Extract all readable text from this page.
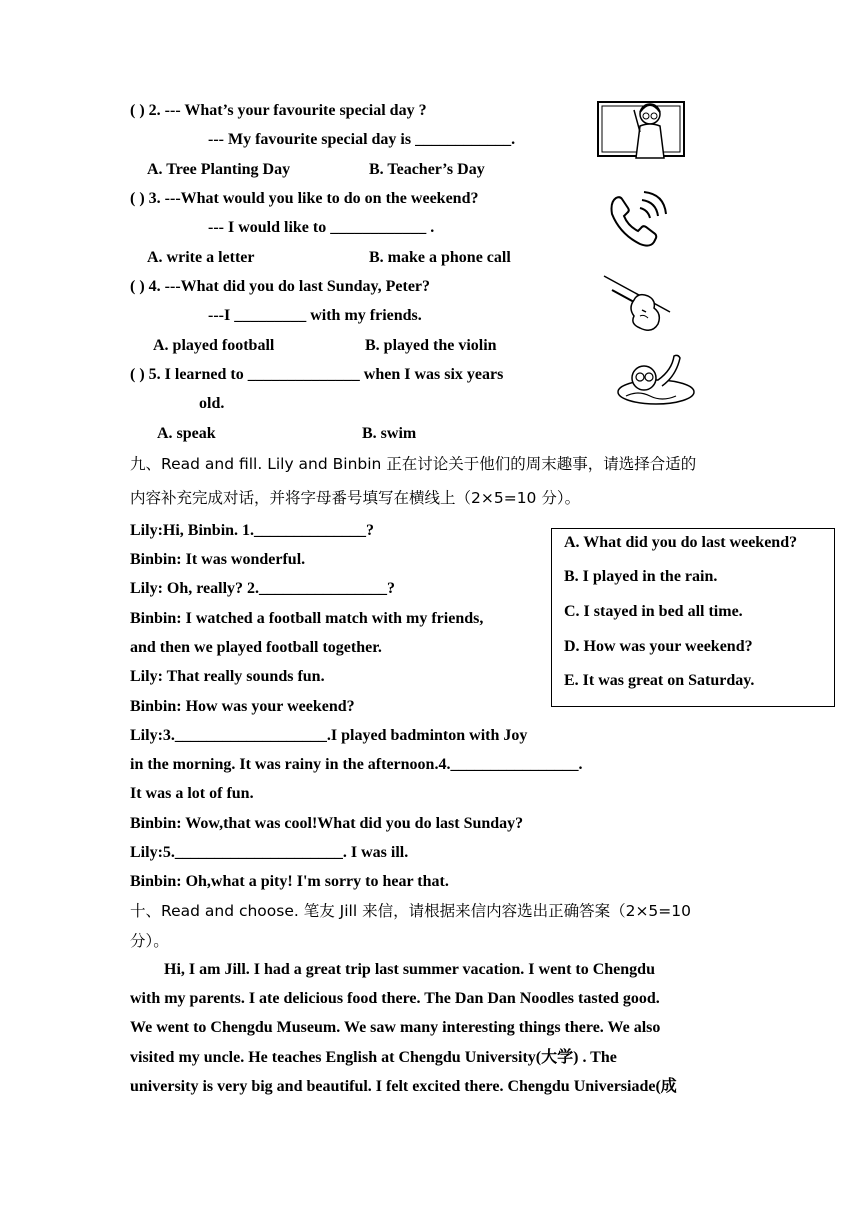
( ) 2. --- What’s your favourite special day ?
--- My favourite special day is ____________.
A. Tree Planting Day	B. Teacher’s Day
( ) 3. ---What would you like to do on the weekend?
--- I would like to ____________ .
A. write a letter	B. make a phone call
( ) 4. ---What did you do last Sunday, Peter?
---I _________ with my friends.
A. played football	B. played the violin
( ) 5. I learned to ______________ when I was six years
old.
A. speak	B. swim
九、Read and fill. Lily and Binbin 正在讨论关于他们的周末趣事，请选择合适的
内容补充完成对话，并将字母番号填写在横线上（2×5=10 分）。
Lily:Hi, Binbin. 1.______________?
Binbin: It was wonderful.
Lily: Oh, really? 2.________________?
Binbin: I watched a football match with my friends,
and then we played football together.
Lily: That really sounds fun.
Binbin: How was your weekend?
Lily:3.___________________.I played badminton with Joy
in the morning. It was rainy in the afternoon.4.________________.
It was a lot of fun.
Binbin: Wow,that was cool!What did you do last Sunday?
Lily:5._____________________. I was ill.
Binbin: Oh,what a pity! I'm sorry to hear that.
A. What did you do last weekend?
B. I played in the rain.
C. I stayed in bed all time.
D. How was your weekend?
E. It was great on Saturday.
十、Read and choose. 笔友 Jill 来信，请根据来信内容选出正确答案（2×5=10
分）。
Hi, I am Jill. I had a great trip last summer vacation. I went to Chengdu
with my parents. I ate delicious food there. The Dan Dan Noodles tasted good.
We went to Chengdu Museum. We saw many interesting things there. We also
visited my uncle. He teaches English at Chengdu University(大学) . The
university is very big and beautiful. I felt excited there. Chengdu Universiade(成
